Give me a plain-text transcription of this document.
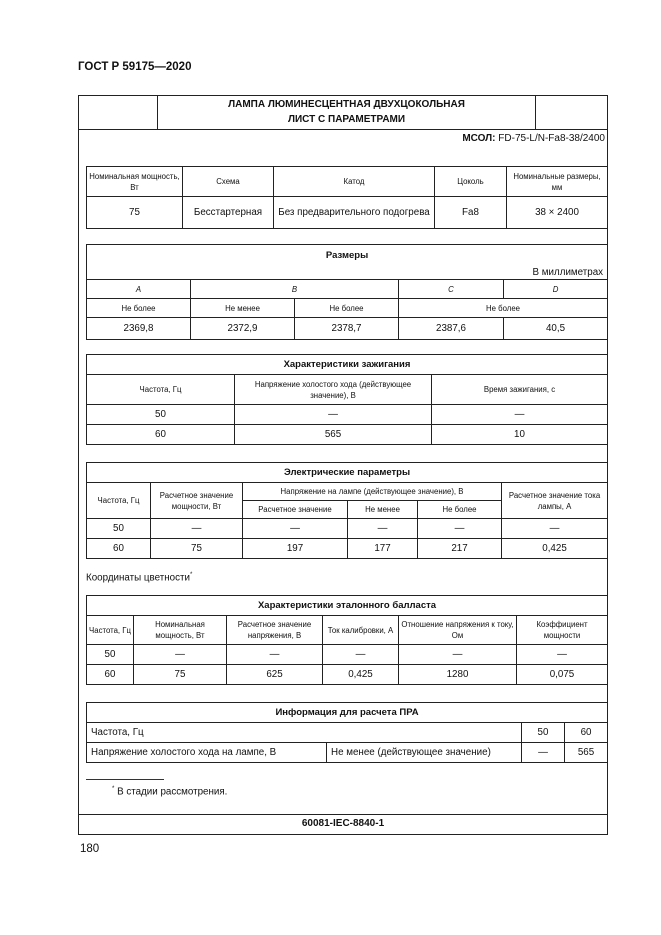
ГОСТ Р 59175—2020
ЛАМПА ЛЮМИНЕСЦЕНТНАЯ ДВУХЦОКОЛЬНАЯ
ЛИСТ С ПАРАМЕТРАМИ
МСОЛ: FD-75-L/N-Fa8-38/2400
Номинальная мощность, Вт	Схема	Катод	Цоколь	Номинальные размеры, мм
75	Бесстартерная	Без предварительного подогрева	Fa8	38 × 2400
Размеры				
В миллиметрах				
A	B		C	D
Не более	Не менее	Не более	Не более	
2369,8	2372,9	2378,7	2387,6	40,5
Характеристики зажигания		
Частота, Гц	Напряжение холостого хода (действующее значение), В	Время зажигания, с
50	—	—
60	565	10
Электрические параметры					
Частота, Гц	Расчетное значение мощности, Вт	Напряжение на лампе (действующее значение), В			Расчетное значение тока лампы, А
		Расчетное значение	Не менее	Не более	
50	—	—	—	—	—
60	75	197	177	217	0,425
Координаты цветности*
Характеристики эталонного балласта					
Частота, Гц	Номинальная мощность, Вт	Расчетное значение напряжения, В	Ток калибровки, А	Отношение напряжения к току, Ом	Коэффициент мощности
50	—	—	—	—	—
60	75	625	0,425	1280	0,075
Информация для расчета ПРА			
Частота, Гц		50	60
Напряжение холостого хода на лампе, В	Не менее (действующее значение)	—	565
* В стадии рассмотрения.
60081-IEC-8840-1
180
